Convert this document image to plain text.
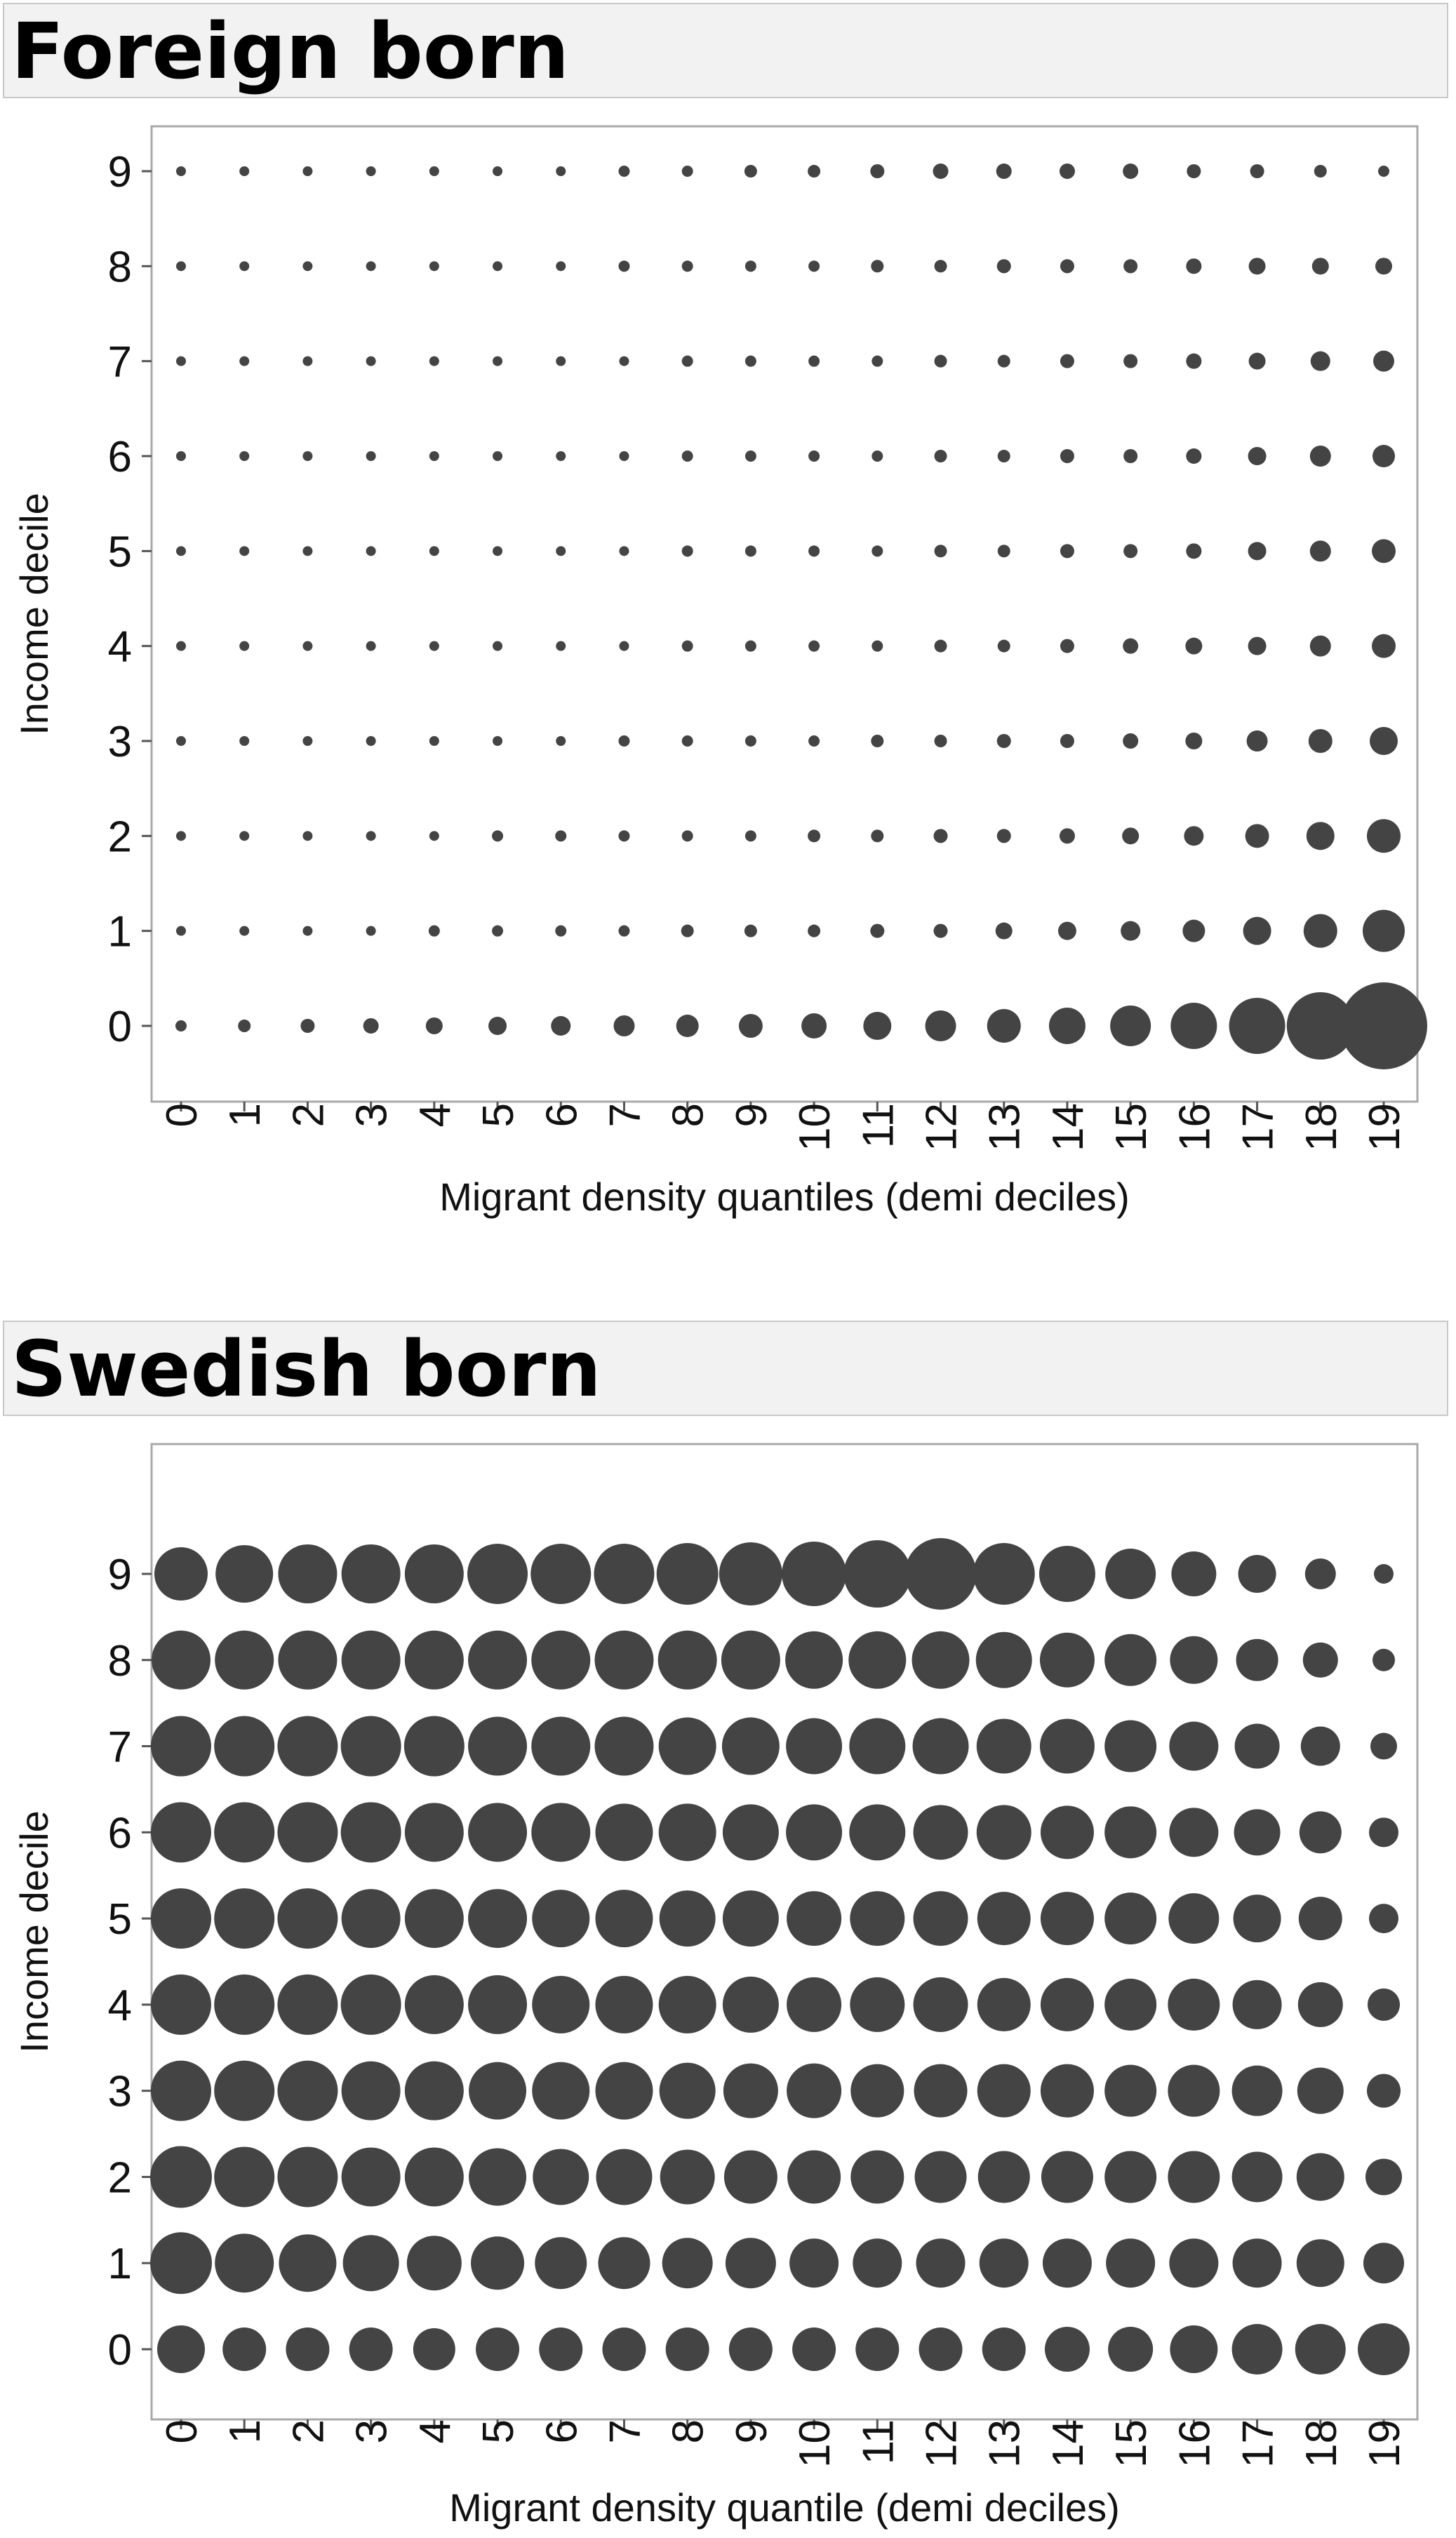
Foreign born
0
1
2
3
4
5
6
7
8
9
0 1 2 3 4 5 6 7 8 9 10 11 12 13 14 15 16 17 18 19
Migrant density quantiles (demi deciles)
Income decile
Swedish born
0
1
2
3
4
5
6
7
8
9
0 1 2 3 4 5 6 7 8 9 10 11 12 13 14 15 16 17 18 19
Migrant density quantile (demi deciles)
Income decile
